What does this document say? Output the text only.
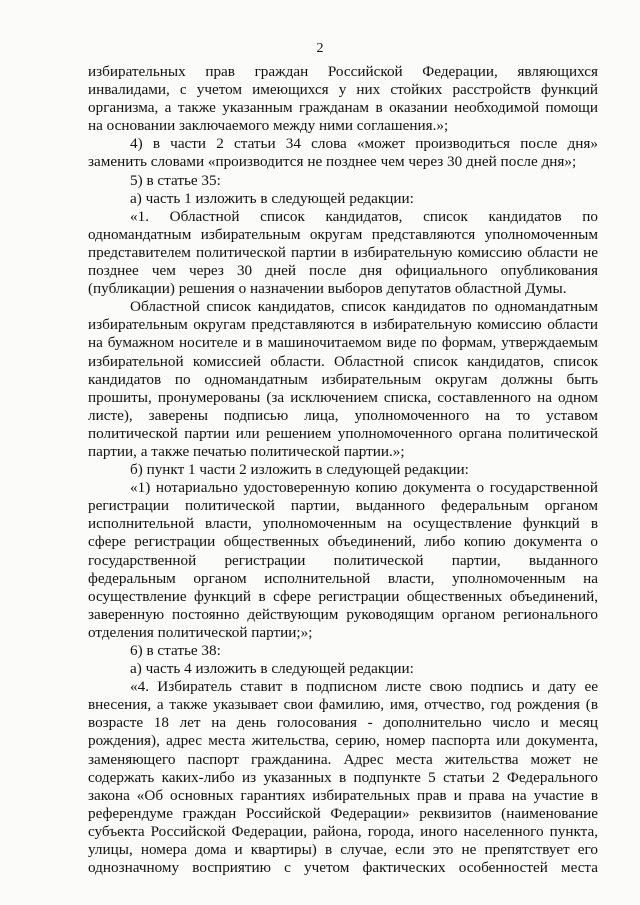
2
избирательных прав граждан Российской Федерации, являющихся
инвалидами, с учетом имеющихся у них стойких расстройств функций
организма, а также указанным гражданам в оказании необходимой помощи
на основании заключаемого между ними соглашения.»;
4) в части 2 статьи 34 слова «может производиться после дня»
заменить словами «производится не позднее чем через 30 дней после дня»;
5) в статье 35:
а) часть 1 изложить в следующей редакции:
«1. Областной список кандидатов, список кандидатов по
одномандатным избирательным округам представляются уполномоченным
представителем политической партии в избирательную комиссию области не
позднее чем через 30 дней после дня официального опубликования
(публикации) решения о назначении выборов депутатов областной Думы.
Областной список кандидатов, список кандидатов по одномандатным
избирательным округам представляются в избирательную комиссию области
на бумажном носителе и в машиночитаемом виде по формам, утверждаемым
избирательной комиссией области. Областной список кандидатов, список
кандидатов по одномандатным избирательным округам должны быть
прошиты, пронумерованы (за исключением списка, составленного на одном
листе), заверены подписью лица, уполномоченного на то уставом
политической партии или решением уполномоченного органа политической
партии, а также печатью политической партии.»;
б) пункт 1 части 2 изложить в следующей редакции:
«1) нотариально удостоверенную копию документа о государственной
регистрации политической партии, выданного федеральным органом
исполнительной власти, уполномоченным на осуществление функций в
сфере регистрации общественных объединений, либо копию документа о
государственной регистрации политической партии, выданного
федеральным органом исполнительной власти, уполномоченным на
осуществление функций в сфере регистрации общественных объединений,
заверенную постоянно действующим руководящим органом регионального
отделения политической партии;»;
6) в статье 38:
а) часть 4 изложить в следующей редакции:
«4. Избиратель ставит в подписном листе свою подпись и дату ее
внесения, а также указывает свои фамилию, имя, отчество, год рождения (в
возрасте 18 лет на день голосования - дополнительно число и месяц
рождения), адрес места жительства, серию, номер паспорта или документа,
заменяющего паспорт гражданина. Адрес места жительства может не
содержать каких-либо из указанных в подпункте 5 статьи 2 Федерального
закона «Об основных гарантиях избирательных прав и права на участие в
референдуме граждан Российской Федерации» реквизитов (наименование
субъекта Российской Федерации, района, города, иного населенного пункта,
улицы, номера дома и квартиры) в случае, если это не препятствует его
однозначному восприятию с учетом фактических особенностей места
